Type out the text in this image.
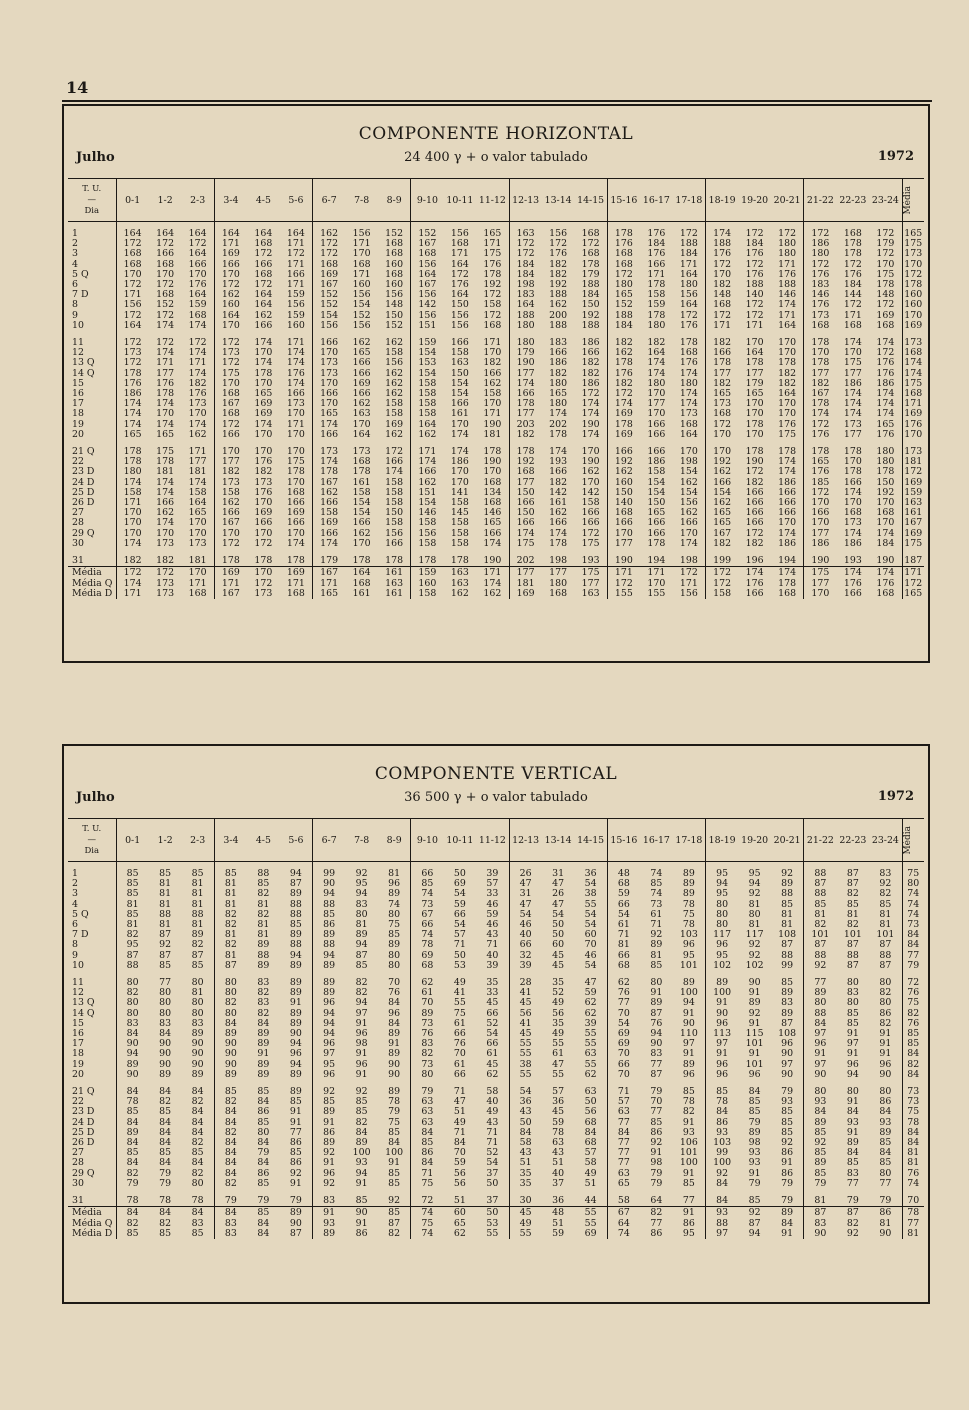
14
COMPONENTE HORIZONTAL
Julho	24 400 γ + o valor tabulado	1972
T. U.
—
Dia	0-1	1-2	2-3	3-4	4-5	5-6	6-7	7-8	8-9	9-10	10-11	11-12	12-13	13-14	14-15	15-16	16-17	17-18	18-19	19-20	20-21	21-22	22-23	23-24	Média

1	164	164	164	164	164	164	162	156	152	152	156	165	163	156	168	178	176	172	174	172	172	172	168	172	165
2	172	172	172	171	168	171	172	171	168	167	168	171	172	172	172	176	184	188	188	184	180	186	178	179	175
3	168	166	164	169	172	172	172	170	168	168	171	175	172	176	168	168	176	184	176	176	180	180	178	172	173
4	168	168	166	166	166	171	168	168	160	156	164	176	184	182	178	168	166	171	172	172	171	172	172	170	170
5 Q	170	170	170	170	168	166	169	171	168	164	172	178	184	182	179	172	171	164	170	176	176	176	176	175	172
6	172	172	176	172	172	171	167	160	160	167	176	192	198	192	188	180	178	180	182	188	188	183	184	178	178
7 D	171	168	164	162	164	159	152	156	156	156	164	172	183	188	184	165	158	156	148	140	146	146	144	148	160
8	156	152	159	160	164	156	152	154	148	142	150	158	164	162	150	152	159	164	168	172	174	176	172	172	160
9	172	172	168	164	162	159	154	152	150	156	156	172	188	200	192	188	178	172	172	172	171	173	171	169	170
10	164	174	174	170	166	160	156	156	152	151	156	168	180	188	188	184	180	176	171	171	164	168	168	168	169

11	172	172	172	172	174	171	166	162	162	159	166	171	180	183	186	182	182	178	182	170	170	178	174	174	173
12	173	174	174	173	170	174	170	165	158	154	158	170	179	166	166	162	164	168	166	164	170	170	170	172	168
13 Q	172	171	171	172	174	174	173	166	156	153	163	182	190	186	182	178	174	176	178	178	178	178	175	176	174
14 Q	178	177	174	175	178	176	173	166	162	154	150	166	177	182	182	176	174	174	177	177	182	177	177	176	174
15	176	176	182	170	170	174	170	169	162	158	154	162	174	180	186	182	180	180	182	179	182	182	186	186	175
16	186	178	176	168	165	166	166	166	162	158	154	158	166	165	172	172	170	174	165	165	164	167	174	174	168
17	174	174	173	167	169	173	170	162	158	158	166	170	178	180	174	174	177	174	173	170	170	178	174	174	171
18	174	170	170	168	169	170	165	163	158	158	161	171	177	174	174	169	170	173	168	170	170	174	174	174	169
19	174	174	174	172	174	171	174	170	169	164	170	190	203	202	190	178	166	168	172	178	176	172	173	165	176
20	165	165	162	166	170	170	166	164	162	162	174	181	182	178	174	169	166	164	170	170	175	176	177	176	170

21 Q	178	175	171	170	170	170	173	173	172	171	174	178	178	174	170	166	166	170	170	178	178	178	178	180	173
22	178	178	177	177	176	175	174	168	166	174	186	190	192	193	190	192	186	198	192	190	174	165	170	180	181
23 D	180	181	181	182	182	178	178	178	174	166	170	170	168	166	162	162	158	154	162	172	174	176	178	178	172
24 D	174	174	174	173	173	170	167	161	158	162	170	168	177	182	170	160	154	162	166	182	186	185	166	150	169
25 D	158	174	158	158	176	168	162	158	158	151	141	134	150	142	142	150	154	154	154	166	166	172	174	192	159
26 D	171	166	164	162	170	166	166	154	158	154	158	168	166	161	158	140	150	156	162	166	166	170	170	170	163
27	170	162	165	166	169	169	158	154	150	146	145	146	150	162	166	168	165	162	165	166	166	166	168	168	161
28	170	174	170	167	166	166	169	166	158	158	158	165	166	166	166	166	166	166	165	166	170	170	173	170	167
29 Q	170	170	170	170	170	170	166	162	156	156	158	166	174	174	172	170	166	170	167	172	174	177	174	174	169
30	174	173	173	172	172	174	174	170	166	158	158	174	175	178	175	177	178	174	182	182	186	186	186	184	175

31	182	182	181	178	178	178	179	178	178	178	178	190	202	198	193	190	194	198	199	196	194	190	193	190	187
Média	172	172	170	169	170	169	167	164	161	159	163	171	177	177	175	171	171	172	172	174	174	175	174	174	171
Média Q	174	173	171	171	172	171	171	168	163	160	163	174	181	180	177	172	170	171	172	176	178	177	176	176	172
Média D	171	173	168	167	173	168	165	161	161	158	162	162	169	168	163	155	155	156	158	166	168	170	166	168	165
COMPONENTE VERTICAL
Julho	36 500 γ + o valor tabulado	1972
T. U.
—
Dia	0-1	1-2	2-3	3-4	4-5	5-6	6-7	7-8	8-9	9-10	10-11	11-12	12-13	13-14	14-15	15-16	16-17	17-18	18-19	19-20	20-21	21-22	22-23	23-24	Média

1	85	85	85	85	88	94	99	92	81	66	50	39	26	31	36	48	74	89	95	95	92	88	87	83	75
2	85	81	81	81	85	87	90	95	96	85	69	57	47	47	54	68	85	89	94	94	89	87	87	92	80
3	85	81	81	81	82	89	94	94	89	74	54	33	31	26	38	59	74	89	95	92	88	88	82	82	74
4	81	81	81	81	81	88	88	83	74	73	59	46	47	47	55	66	73	78	80	81	85	85	85	85	74
5 Q	85	88	88	82	82	88	85	80	80	67	66	59	54	54	54	54	61	75	80	80	81	81	81	81	74
6	81	81	81	82	81	85	86	81	75	66	54	46	46	50	54	61	71	78	80	81	81	82	82	81	73
7 D	82	87	89	81	81	89	89	89	85	74	57	43	40	50	60	71	92	103	117	117	108	101	101	101	84
8	95	92	82	82	89	88	88	94	89	78	71	71	66	60	70	81	89	96	96	92	87	87	87	87	84
9	87	87	87	81	88	94	94	87	80	69	50	40	32	45	46	66	81	95	95	92	88	88	88	88	77
10	88	85	85	87	89	89	89	85	80	68	53	39	39	45	54	68	85	101	102	102	99	92	87	87	79

11	80	77	80	80	83	89	89	82	70	62	49	35	28	35	47	62	80	89	89	90	85	77	80	80	72
12	82	80	81	80	82	89	89	82	76	61	41	33	41	52	59	76	91	100	100	91	89	89	83	82	76
13 Q	80	80	80	82	83	91	96	94	84	70	55	45	45	49	62	77	89	94	91	89	83	80	80	80	75
14 Q	80	80	80	80	82	89	94	97	96	89	75	66	56	56	62	70	87	91	90	92	89	88	85	86	82
15	83	83	83	84	84	89	94	91	84	73	61	52	41	35	39	54	76	90	96	91	87	84	85	82	76
16	84	84	89	89	89	90	94	96	89	76	66	54	45	49	55	69	94	110	113	115	108	97	91	91	85
17	90	90	90	90	89	94	96	98	91	83	76	66	55	55	55	69	90	97	97	101	96	96	97	91	85
18	94	90	90	90	91	96	97	91	89	82	70	61	55	61	63	70	83	91	91	91	90	91	91	91	84
19	89	90	90	90	89	94	95	96	90	73	61	45	38	47	55	66	77	89	96	101	97	97	96	96	82
20	90	89	89	89	89	89	96	91	90	80	66	62	55	55	62	70	87	96	96	96	90	90	94	90	84

21 Q	84	84	84	85	85	89	92	92	89	79	71	58	54	57	63	71	79	85	85	84	79	80	80	80	73
22	78	82	82	82	84	85	85	85	78	63	47	40	36	36	50	57	70	78	78	85	93	93	91	86	73
23 D	85	85	84	84	86	91	89	85	79	63	51	49	43	45	56	63	77	82	84	85	85	84	84	84	75
24 D	84	84	84	84	85	91	91	82	75	63	49	43	50	59	68	77	85	91	86	79	85	89	93	93	78
25 D	89	84	84	82	80	77	86	84	85	84	71	71	84	78	84	84	86	93	93	89	85	85	91	89	84
26 D	84	84	82	84	84	86	89	89	84	85	84	71	58	63	68	77	92	106	103	98	92	92	89	85	84
27	85	85	85	84	79	85	92	100	100	86	70	52	43	43	57	77	91	101	99	93	86	85	84	84	81
28	84	84	84	84	84	86	91	93	91	84	59	54	51	51	58	77	98	100	100	93	91	89	85	85	81
29 Q	82	79	82	84	86	92	96	94	85	71	56	37	35	40	49	63	79	91	92	91	86	85	83	80	76
30	79	79	80	82	85	91	92	91	85	75	56	50	35	37	51	65	79	85	84	79	79	79	77	77	74

31	78	78	78	79	79	79	83	85	92	72	51	37	30	36	44	58	64	77	84	85	79	81	79	79	70
Média	84	84	84	84	85	89	91	90	85	74	60	50	45	48	55	67	82	91	93	92	89	87	87	86	78
Média Q	82	82	83	83	84	90	93	91	87	75	65	53	49	51	55	64	77	86	88	87	84	83	82	81	77
Média D	85	85	85	83	84	87	89	86	82	74	62	55	55	59	69	74	86	95	97	94	91	90	92	90	81
